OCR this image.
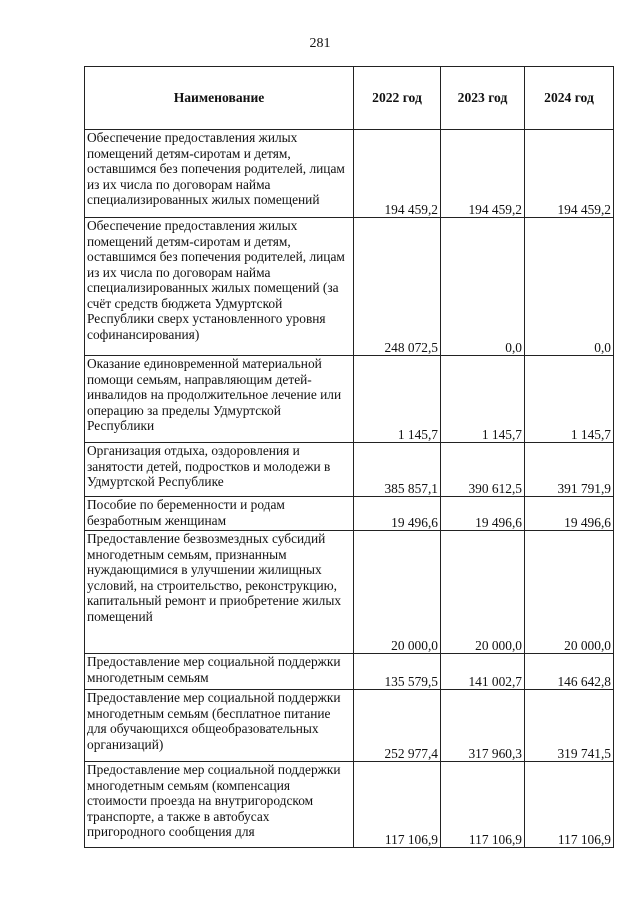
281
Наименование	2022 год	2023 год	2024 год
Обеспечение предоставления жилых помещений детям-сиротам и детям, оставшимся без попечения родителей, лицам из их числа по договорам найма специализированных жилых помещений	194 459,2	194 459,2	194 459,2
Обеспечение предоставления жилых помещений детям-сиротам и детям, оставшимся без попечения родителей, лицам из их числа по договорам найма специализированных жилых помещений (за счёт средств бюджета Удмуртской Республики сверх установленного уровня софинансирования)	248 072,5	0,0	0,0
Оказание единовременной материальной помощи семьям, направляющим детей-инвалидов на продолжительное лечение или операцию за пределы Удмуртской Республики	1 145,7	1 145,7	1 145,7
Организация отдыха, оздоровления и занятости детей, подростков и молодежи в Удмуртской Республике	385 857,1	390 612,5	391 791,9
Пособие по беременности и родам безработным женщинам	19 496,6	19 496,6	19 496,6
Предоставление безвозмездных субсидий многодетным семьям, признанным нуждающимися в улучшении жилищных условий, на строительство, реконструкцию, капитальный ремонт и приобретение жилых помещений	20 000,0	20 000,0	20 000,0
Предоставление мер социальной поддержки многодетным семьям	135 579,5	141 002,7	146 642,8
Предоставление мер социальной поддержки многодетным семьям (бесплатное питание для обучающихся общеобразовательных организаций)	252 977,4	317 960,3	319 741,5
Предоставление мер социальной поддержки многодетным семьям (компенсация стоимости проезда на внутригородском транспорте, а также в автобусах пригородного сообщения для	117 106,9	117 106,9	117 106,9
